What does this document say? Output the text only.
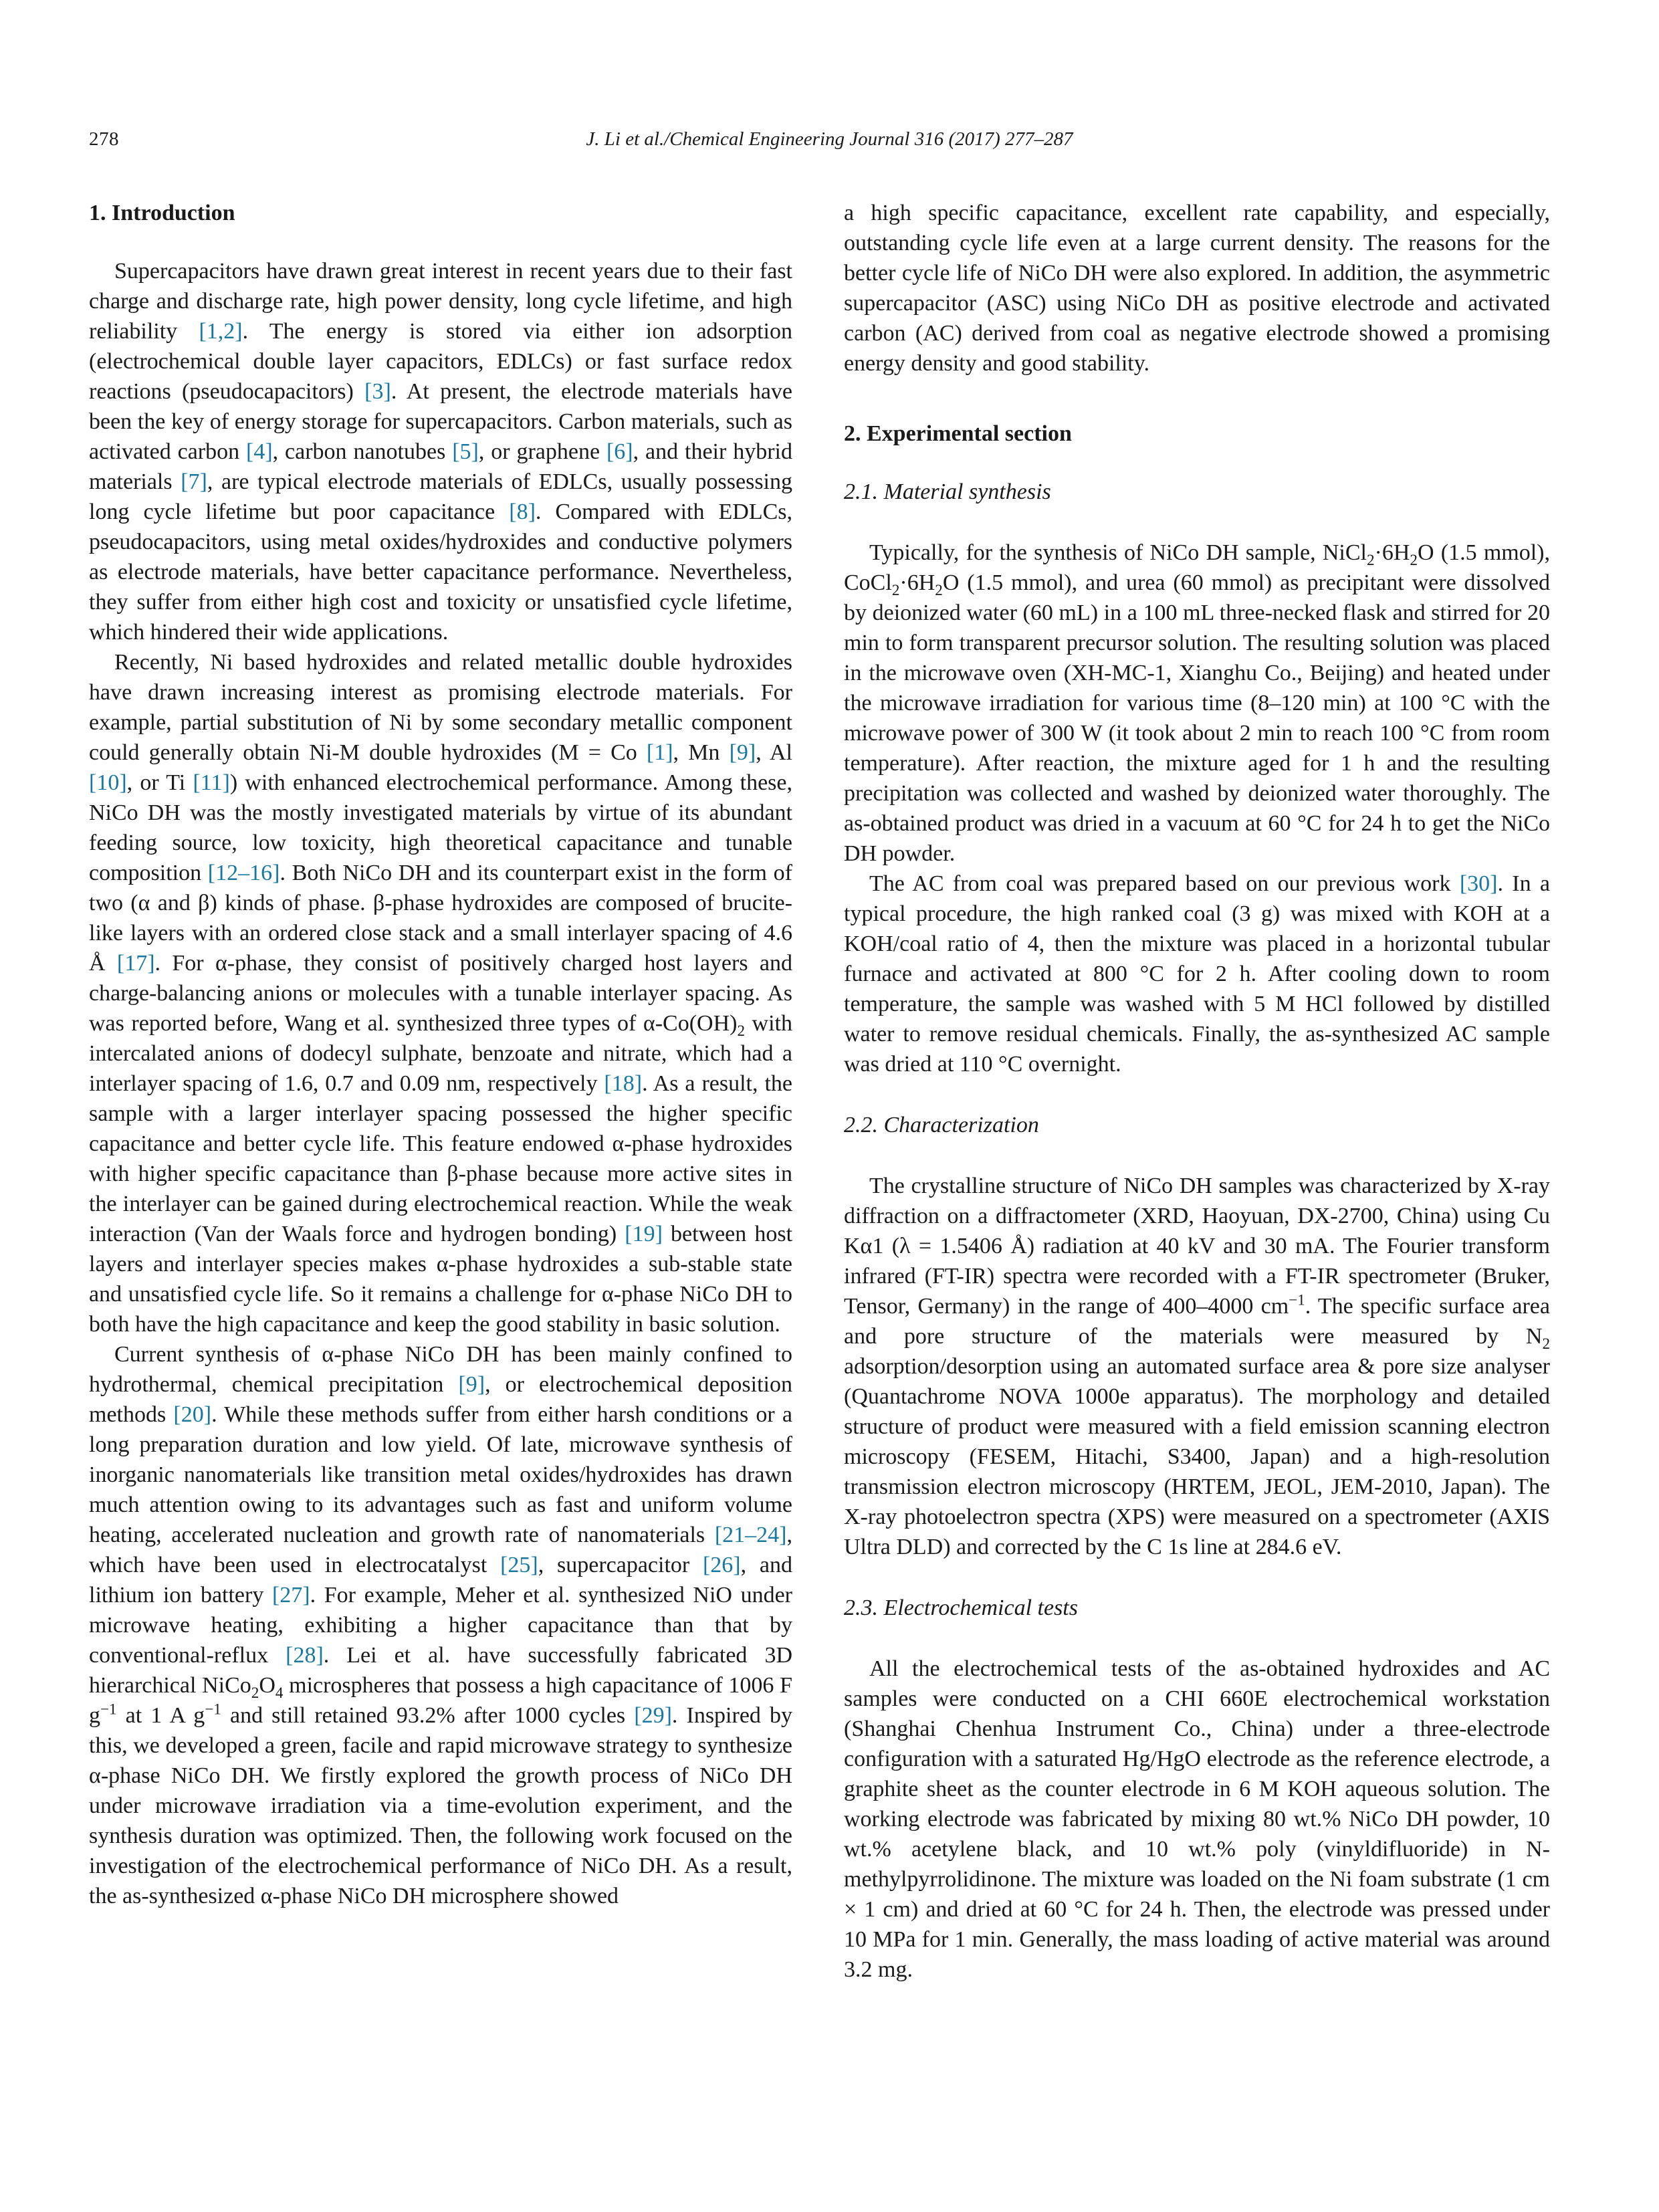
278	J. Li et al./Chemical Engineering Journal 316 (2017) 277–287
1. Introduction

Supercapacitors have drawn great interest in recent years due to their fast charge and discharge rate, high power density, long cycle lifetime, and high reliability [1,2]. The energy is stored via either ion adsorption (electrochemical double layer capacitors, EDLCs) or fast surface redox reactions (pseudocapacitors) [3]. At present, the electrode materials have been the key of energy storage for supercapacitors. Carbon materials, such as activated carbon [4], carbon nanotubes [5], or graphene [6], and their hybrid materials [7], are typical electrode materials of EDLCs, usually possessing long cycle lifetime but poor capacitance [8]. Compared with EDLCs, pseudocapacitors, using metal oxides/hydroxides and conductive polymers as electrode materials, have better capacitance performance. Nevertheless, they suffer from either high cost and toxicity or unsatisfied cycle lifetime, which hindered their wide applications.

Recently, Ni based hydroxides and related metallic double hydroxides have drawn increasing interest as promising electrode materials. For example, partial substitution of Ni by some secondary metallic component could generally obtain Ni-M double hydroxides (M = Co [1], Mn [9], Al [10], or Ti [11]) with enhanced electrochemical performance. Among these, NiCo DH was the mostly investigated materials by virtue of its abundant feeding source, low toxicity, high theoretical capacitance and tunable composition [12–16]. Both NiCo DH and its counterpart exist in the form of two (α and β) kinds of phase. β-phase hydroxides are composed of brucite-like layers with an ordered close stack and a small interlayer spacing of 4.6 Å [17]. For α-phase, they consist of positively charged host layers and charge-balancing anions or molecules with a tunable interlayer spacing. As was reported before, Wang et al. synthesized three types of $\alpha-Co(OH)_2$ with intercalated anions of dodecyl sulphate, benzoate and nitrate, which had a interlayer spacing of 1.6, 0.7 and 0.09 nm, respectively [18]. As a result, the sample with a larger interlayer spacing possessed the higher specific capacitance and better cycle life. This feature endowed α-phase hydroxides with higher specific capacitance than β-phase because more active sites in the interlayer can be gained during electrochemical reaction. While the weak interaction (Van der Waals force and hydrogen bonding) [19] between host layers and interlayer species makes α-phase hydroxides a sub-stable state and unsatisfied cycle life. So it remains a challenge for α-phase NiCo DH to both have the high capacitance and keep the good stability in basic solution.

Current synthesis of α-phase NiCo DH has been mainly confined to hydrothermal, chemical precipitation [9], or electrochemical deposition methods [20]. While these methods suffer from either harsh conditions or a long preparation duration and low yield. Of late, microwave synthesis of inorganic nanomaterials like transition metal oxides/hydroxides has drawn much attention owing to its advantages such as fast and uniform volume heating, accelerated nucleation and growth rate of nanomaterials [21–24], which have been used in electrocatalyst [25], supercapacitor [26], and lithium ion battery [27]. For example, Meher et al. synthesized NiO under microwave heating, exhibiting a higher capacitance than that by conventional-reflux [28]. Lei et al. have successfully fabricated 3D hierarchical $NiCo_2O_4$ microspheres that possess a high capacitance of 1006 F $g^{-1}$ at 1 A $g^{-1}$ and still retained 93.2% after 1000 cycles [29]. Inspired by this, we developed a green, facile and rapid microwave strategy to synthesize α-phase NiCo DH. We firstly explored the growth process of NiCo DH under microwave irradiation via a time-evolution experiment, and the synthesis duration was optimized. Then, the following work focused on the investigation of the electrochemical performance of NiCo DH. As a result, the as-synthesized α-phase NiCo DH microsphere showed

a high specific capacitance, excellent rate capability, and especially, outstanding cycle life even at a large current density. The reasons for the better cycle life of NiCo DH were also explored. In addition, the asymmetric supercapacitor (ASC) using NiCo DH as positive electrode and activated carbon (AC) derived from coal as negative electrode showed a promising energy density and good stability.

2. Experimental section
2.1. Material synthesis

Typically, for the synthesis of NiCo DH sample, $NiCl_2\cdot 6H_2O$ (1.5 mmol), $CoCl_2\cdot 6H_2O$ (1.5 mmol), and urea (60 mmol) as precipitant were dissolved by deionized water (60 mL) in a 100 mL three-necked flask and stirred for 20 min to form transparent precursor solution. The resulting solution was placed in the microwave oven (XH-MC-1, Xianghu Co., Beijing) and heated under the microwave irradiation for various time (8–120 min) at 100 °C with the microwave power of 300 W (it took about 2 min to reach 100 °C from room temperature). After reaction, the mixture aged for 1 h and the resulting precipitation was collected and washed by deionized water thoroughly. The as-obtained product was dried in a vacuum at 60 °C for 24 h to get the NiCo DH powder.

The AC from coal was prepared based on our previous work [30]. In a typical procedure, the high ranked coal (3 g) was mixed with KOH at a KOH/coal ratio of 4, then the mixture was placed in a horizontal tubular furnace and activated at 800 °C for 2 h. After cooling down to room temperature, the sample was washed with 5 M HCl followed by distilled water to remove residual chemicals. Finally, the as-synthesized AC sample was dried at 110 °C overnight.

2.2. Characterization

The crystalline structure of NiCo DH samples was characterized by X-ray diffraction on a diffractometer (XRD, Haoyuan, DX-2700, China) using Cu Kα1 (λ = 1.5406 Å) radiation at 40 kV and 30 mA. The Fourier transform infrared (FT-IR) spectra were recorded with a FT-IR spectrometer (Bruker, Tensor, Germany) in the range of 400–4000 $cm^{-1}$. The specific surface area and pore structure of the materials were measured by $N_2$ adsorption/desorption using an automated surface area & pore size analyser (Quantachrome NOVA 1000e apparatus). The morphology and detailed structure of product were measured with a field emission scanning electron microscopy (FESEM, Hitachi, S3400, Japan) and a high-resolution transmission electron microscopy (HRTEM, JEOL, JEM-2010, Japan). The X-ray photoelectron spectra (XPS) were measured on a spectrometer (AXIS Ultra DLD) and corrected by the C 1s line at 284.6 eV.

2.3. Electrochemical tests

All the electrochemical tests of the as-obtained hydroxides and AC samples were conducted on a CHI 660E electrochemical workstation (Shanghai Chenhua Instrument Co., China) under a three-electrode configuration with a saturated Hg/HgO electrode as the reference electrode, a graphite sheet as the counter electrode in 6 M KOH aqueous solution. The working electrode was fabricated by mixing 80 wt.% NiCo DH powder, 10 wt.% acetylene black, and 10 wt.% poly (vinyldifluoride) in N-methylpyrrolidinone. The mixture was loaded on the Ni foam substrate (1 cm × 1 cm) and dried at 60 °C for 24 h. Then, the electrode was pressed under 10 MPa for 1 min. Generally, the mass loading of active material was around 3.2 mg.
